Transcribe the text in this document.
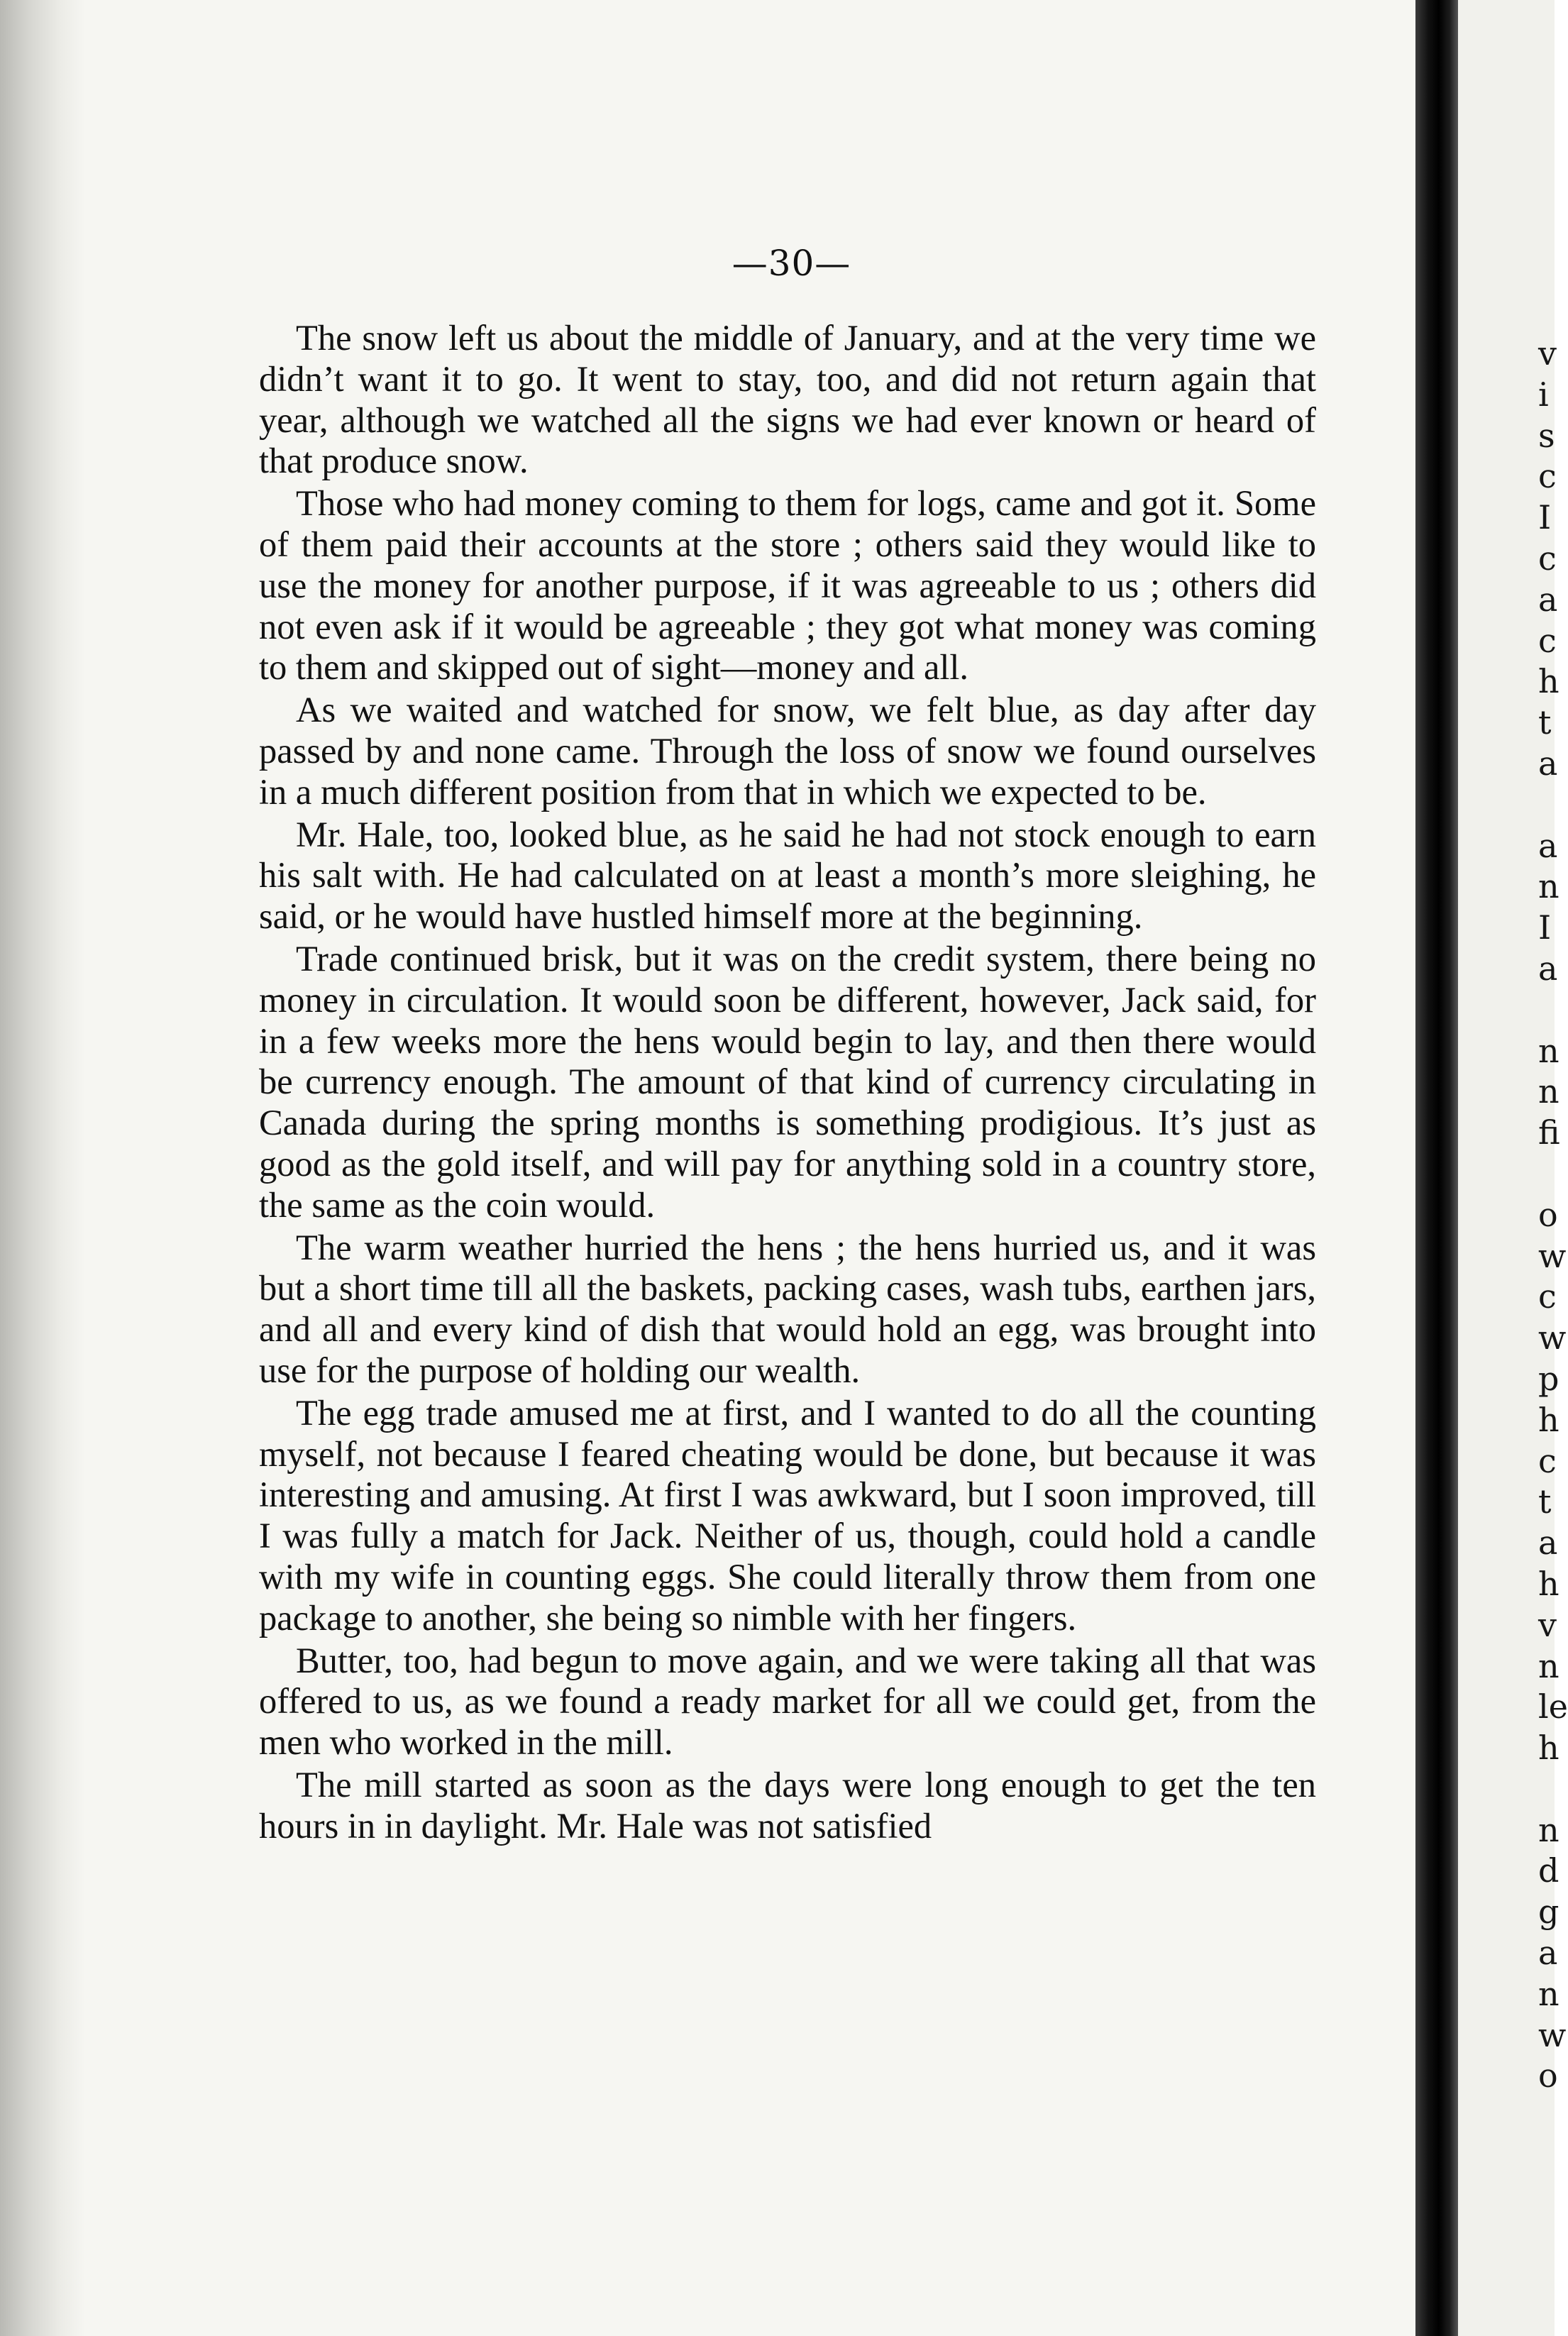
—30—

The snow left us about the middle of January, and at the very time we didn’t want it to go. It went to stay, too, and did not return again that year, although we watched all the signs we had ever known or heard of that produce snow.

Those who had money coming to them for logs, came and got it. Some of them paid their accounts at the store ; others said they would like to use the money for another purpose, if it was agreeable to us ; others did not even ask if it would be agreeable ; they got what money was coming to them and skipped out of sight—money and all.

As we waited and watched for snow, we felt blue, as day after day passed by and none came. Through the loss of snow we found ourselves in a much different position from that in which we expected to be.

Mr. Hale, too, looked blue, as he said he had not stock enough to earn his salt with. He had calculated on at least a month’s more sleighing, he said, or he would have hustled himself more at the beginning.

Trade continued brisk, but it was on the credit system, there being no money in circulation. It would soon be different, however, Jack said, for in a few weeks more the hens would begin to lay, and then there would be currency enough. The amount of that kind of currency circulating in Canada during the spring months is something prodigious. It’s just as good as the gold itself, and will pay for anything sold in a country store, the same as the coin would.

The warm weather hurried the hens ; the hens hurried us, and it was but a short time till all the baskets, packing cases, wash tubs, earthen jars, and all and every kind of dish that would hold an egg, was brought into use for the purpose of holding our wealth.

The egg trade amused me at first, and I wanted to do all the counting myself, not because I feared cheating would be done, but because it was interesting and amusing. At first I was awkward, but I soon improved, till I was fully a match for Jack. Neither of us, though, could hold a candle with my wife in counting eggs. She could literally throw them from one package to another, she being so nimble with her fingers.

Butter, too, had begun to move again, and we were taking all that was offered to us, as we found a ready market for all we could get, from the men who worked in the mill.

The mill started as soon as the days were long enough to get the ten hours in in daylight. Mr. Hale was not satisfied

v
i
s
c
I
c
a
c
h
t
a
a
n
I
a
n
n
fi
o
w
c
w
p
h
c
t
a
h
v
n
le
h
n
d
g
a
n
w
o
